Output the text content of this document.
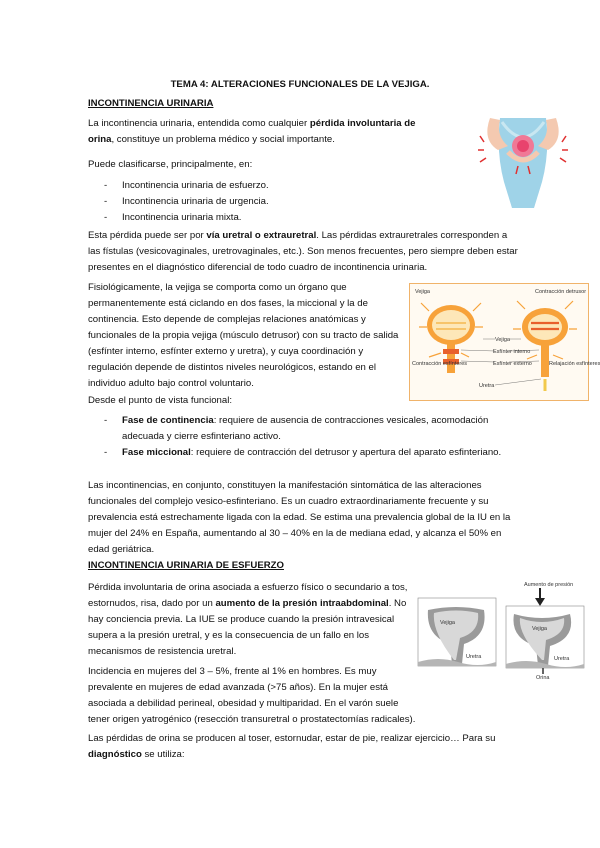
TEMA 4: ALTERACIONES FUNCIONALES DE LA VEJIGA.
INCONTINENCIA URINARIA
La incontinencia urinaria, entendida como cualquier pérdida involuntaria de orina, constituye un problema médico y social importante.
Puede clasificarse, principalmente, en:
- Incontinencia urinaria de esfuerzo.
- Incontinencia urinaria de urgencia.
- Incontinencia urinaria mixta.
Esta pérdida puede ser por vía uretral o extrauretral. Las pérdidas extrauretrales corresponden a las fístulas (vesicovaginales, uretrovaginales, etc.). Son menos frecuentes, pero siempre deben estar presentes en el diagnóstico diferencial de todo cuadro de incontinencia urinaria.
Fisiológicamente, la vejiga se comporta como un órgano que permanentemente está ciclando en dos fases, la miccional y la de continencia. Esto depende de complejas relaciones anatómicas y funcionales de la propia vejiga (músculo detrusor) con su tracto de salida (esfínter interno, esfínter externo y uretra), y cuya coordinación y regulación depende de distintos niveles neurológicos, estando en el individuo adulto bajo control voluntario.
Vejiga
Vejiga	Contracción detrusor
Esfínter interno
Esfínter externo
Uretra
Contracción esfínteres	Relajación esfínteres
Desde el punto de vista funcional:
- Fase de continencia: requiere de ausencia de contracciones vesicales, acomodación adecuada y cierre esfinteriano activo.
- Fase miccional: requiere de contracción del detrusor y apertura del aparato esfinteriano.
Las incontinencias, en conjunto, constituyen la manifestación sintomática de las alteraciones funcionales del complejo vesico-esfinteriano. Es un cuadro extraordinariamente frecuente y su prevalencia está estrechamente ligada con la edad. Se estima una prevalencia global de la IU en la mujer del 24% en España, aumentando al 30 – 40% en la de mediana edad, y alcanza el 50% en edad geriátrica.
INCONTINENCIA URINARIA DE ESFUERZO
Pérdida involuntaria de orina asociada a esfuerzo físico o secundario a tos, estornudos, risa, dado por un aumento de la presión intraabdominal. No hay conciencia previa. La IUE se produce cuando la presión intravesical supera a la presión uretral, y es la consecuencia de un fallo en los mecanismos de resistencia uretral.
Aumento de presión
Vejiga
Uretra
Vejiga
Uretra
Orina
Incidencia en mujeres del 3 – 5%, frente al 1% en hombres. Es muy prevalente en mujeres de edad avanzada (>75 años). En la mujer está asociada a debilidad perineal, obesidad y multiparidad. En el varón suele tener origen yatrogénico (resección transuretral o prostatectomías radicales).
Las pérdidas de orina se producen al toser, estornudar, estar de pie, realizar ejercicio… Para su diagnóstico se utiliza:
